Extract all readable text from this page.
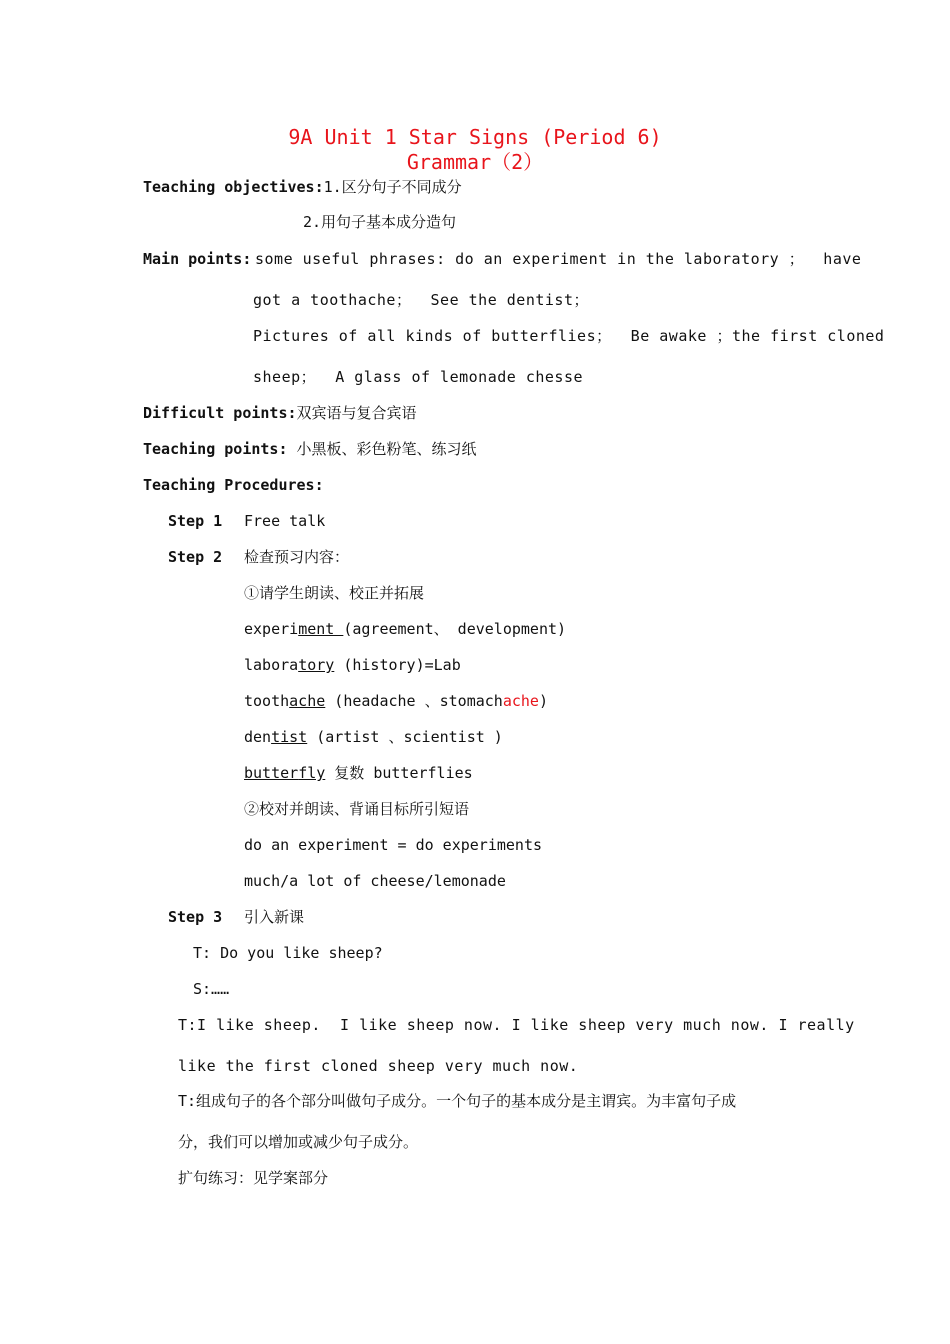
9A Unit 1 Star Signs (Period 6)
Grammar（2）
Teaching objectives:1.区分句子不同成分
2.用句子基本成分造句
Main points: some useful phrases: do an experiment in the laboratory ；  have
got a toothache；  See the dentist；
Pictures of all kinds of butterflies；  Be awake ；the first cloned
sheep；  A glass of lemonade chesse
Difficult points:双宾语与复合宾语
Teaching points: 小黑板、彩色粉笔、练习纸
Teaching Procedures:
Step 1 Free talk
Step 2 检查预习内容：
①请学生朗读、校正并拓展
experiment (agreement、 development)
laboratory (history)=Lab
toothache (headache 、stomachache)
dentist (artist 、scientist )
butterfly 复数 butterflies
②校对并朗读、背诵目标所引短语
do an experiment = do experiments
much/a lot of cheese/lemonade
Step 3 引入新课
T: Do you like sheep?
S:……
T:I like sheep.  I like sheep now. I like sheep very much now. I really
like the first cloned sheep very much now.
T:组成句子的各个部分叫做句子成分。一个句子的基本成分是主谓宾。为丰富句子成
分，我们可以增加或减少句子成分。
扩句练习：见学案部分
